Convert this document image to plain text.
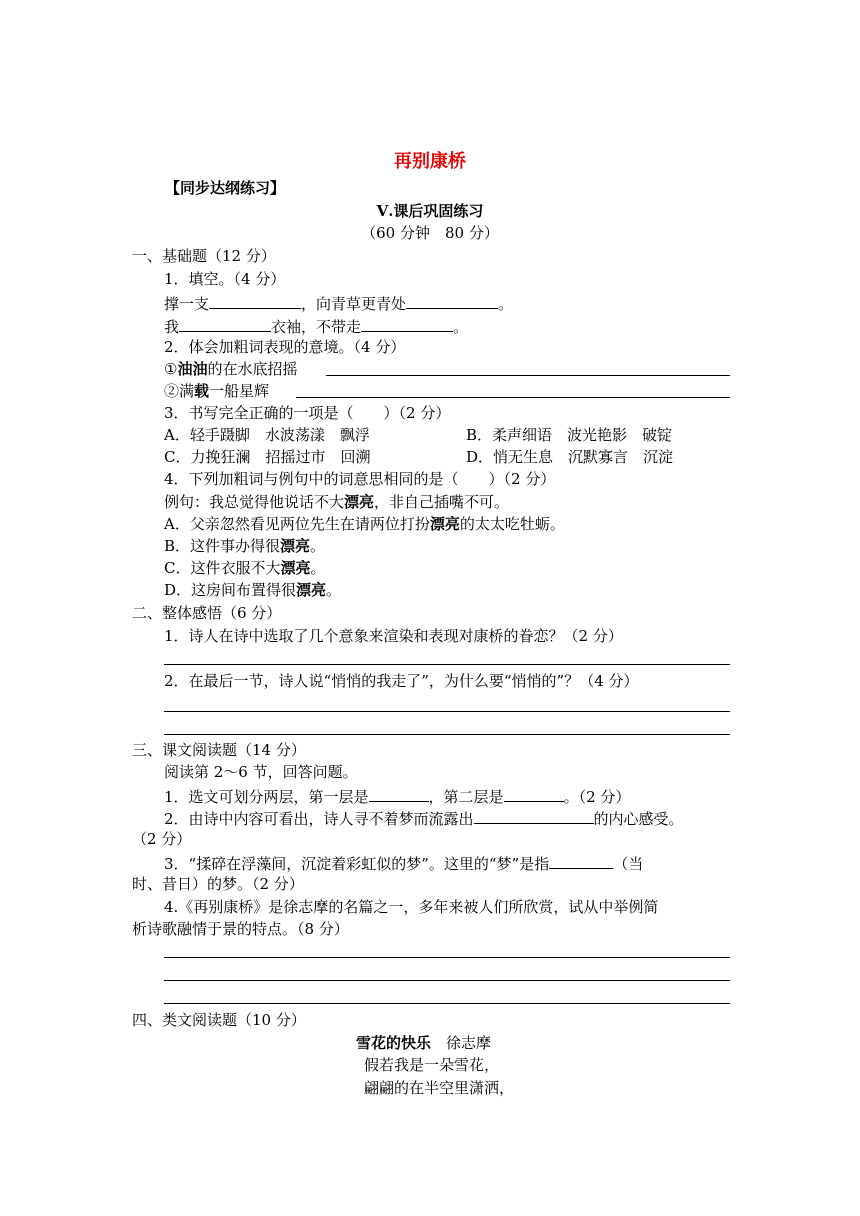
再别康桥
【同步达纲练习】
Ⅴ.课后巩固练习
（60 分钟　80 分）
一、基础题（12 分）
1．填空。（4 分）
撑一支	，向青草更青处	。
我	衣袖，不带走	。
2．体会加粗词表现的意境。（4 分）
①油油的在水底招摇
②满载一船星辉
3．书写完全正确的一项是（　　）（2 分）
A．轻手蹑脚　水波荡漾　飘浮	B．柔声细语　波光艳影　破锭
C．力挽狂澜　招摇过市　回溯	D．悄无生息　沉默寡言　沉淀
4．下列加粗词与例句中的词意思相同的是（　　）（2 分）
例句：我总觉得他说话不大漂亮，非自己插嘴不可。
A．父亲忽然看见两位先生在请两位打扮漂亮的太太吃牡蛎。
B．这件事办得很漂亮。
C．这件衣服不大漂亮。
D．这房间布置得很漂亮。
二、整体感悟（6 分）
1．诗人在诗中选取了几个意象来渲染和表现对康桥的眷恋？（2 分）
2．在最后一节，诗人说“悄悄的我走了”，为什么要“悄悄的”？（4 分）
三、课文阅读题（14 分）
阅读第 2～6 节，回答问题。
1．选文可划分两层，第一层是	，第二层是	。（2 分）
2．由诗中内容可看出，诗人寻不着梦而流露出	的内心感受。
（2 分）
3．“揉碎在浮藻间，沉淀着彩虹似的梦”。这里的“梦”是指	（当
时、昔日）的梦。（2 分）
4.《再别康桥》是徐志摩的名篇之一，多年来被人们所欣赏，试从中举例简
析诗歌融情于景的特点。（8 分）
四、类文阅读题（10 分）
雪花的快乐　 徐志摩
假若我是一朵雪花，
翩翩的在半空里潇洒，
